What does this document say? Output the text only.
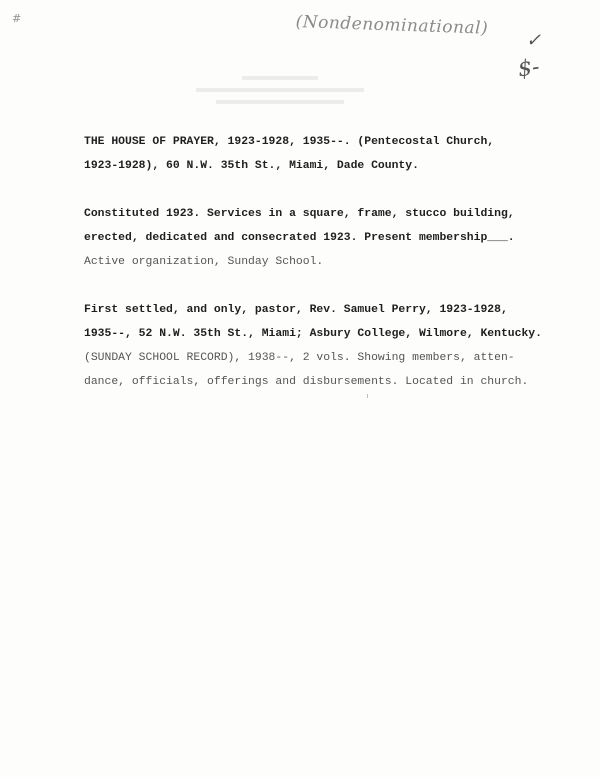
#	(Nondenominational)
✓
$-
THE HOUSE OF PRAYER, 1923-1928, 1935--. (Pentecostal Church,
1923-1928), 60 N.W. 35th St., Miami, Dade County.
Constituted 1923. Services in a square, frame, stucco building,
erected, dedicated and consecrated 1923. Present membership___.
Active organization, Sunday School.
First settled, and only, pastor, Rev. Samuel Perry, 1923-1928,
1935--, 52 N.W. 35th St., Miami; Asbury College, Wilmore, Kentucky.
(SUNDAY SCHOOL RECORD), 1938--, 2 vols. Showing members, atten-
dance, officials, offerings and disbursements. Located in church.
